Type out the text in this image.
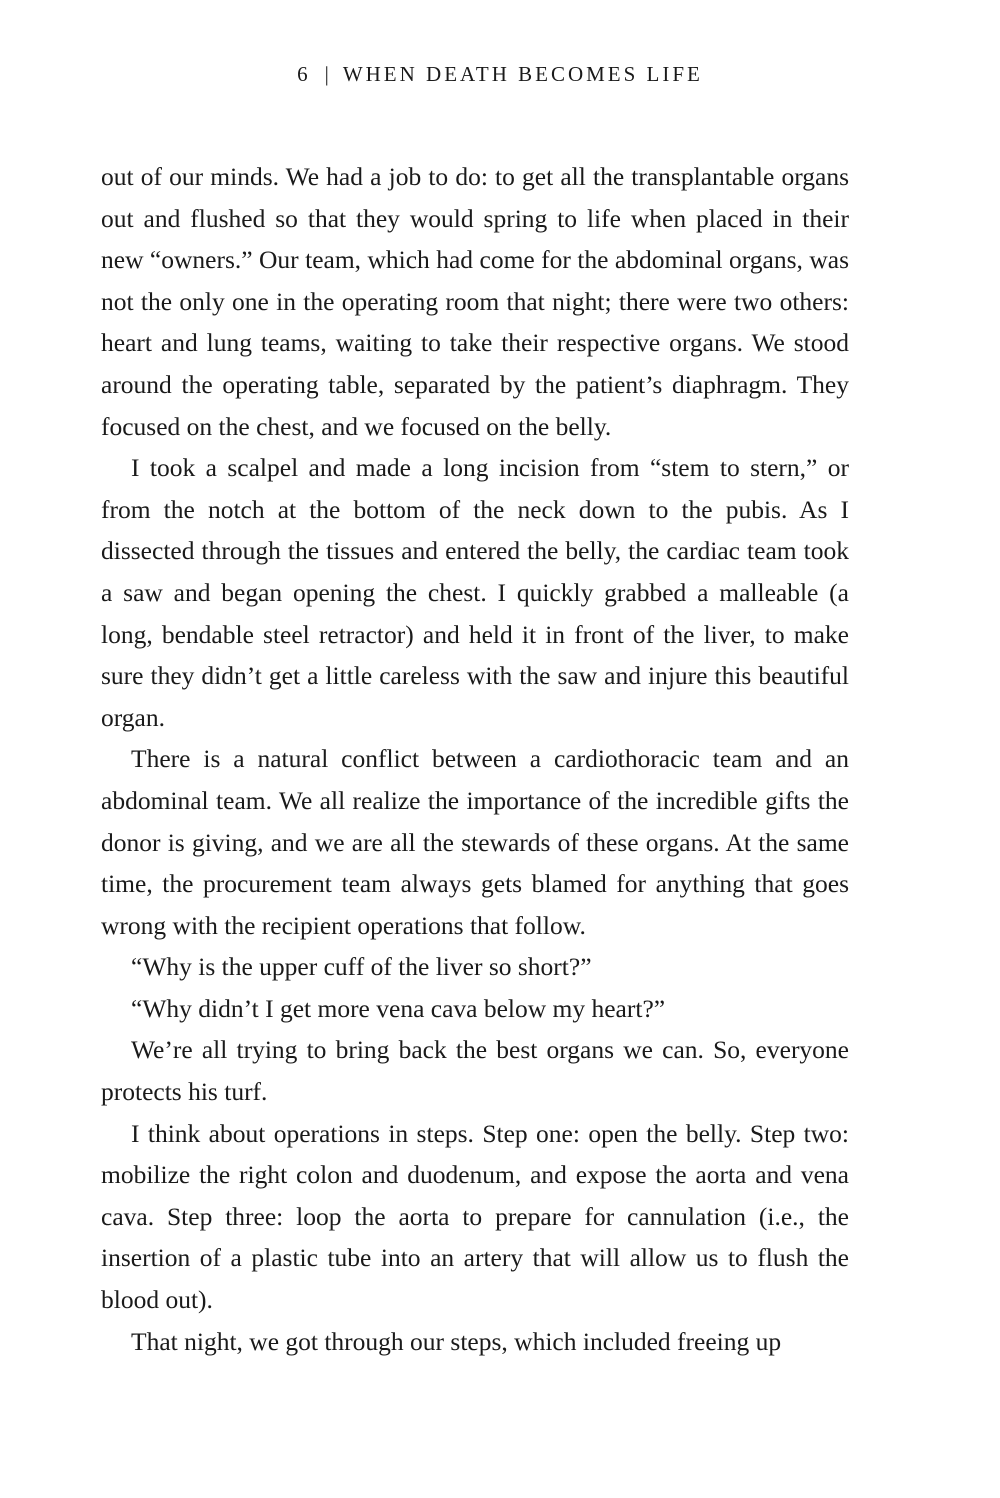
6 | WHEN DEATH BECOMES LIFE

out of our minds. We had a job to do: to get all the transplantable organs out and flushed so that they would spring to life when placed in their new “owners.” Our team, which had come for the abdominal organs, was not the only one in the operating room that night; there were two others: heart and lung teams, waiting to take their respective organs. We stood around the operating table, separated by the patient’s diaphragm. They focused on the chest, and we focused on the belly.

I took a scalpel and made a long incision from “stem to stern,” or from the notch at the bottom of the neck down to the pubis. As I dissected through the tissues and entered the belly, the cardiac team took a saw and began opening the chest. I quickly grabbed a malleable (a long, bendable steel retractor) and held it in front of the liver, to make sure they didn’t get a little careless with the saw and injure this beautiful organ.

There is a natural conflict between a cardiothoracic team and an abdominal team. We all realize the importance of the incredible gifts the donor is giving, and we are all the stewards of these organs. At the same time, the procurement team always gets blamed for anything that goes wrong with the recipient operations that follow.

“Why is the upper cuff of the liver so short?”

“Why didn’t I get more vena cava below my heart?”

We’re all trying to bring back the best organs we can. So, everyone protects his turf.

I think about operations in steps. Step one: open the belly. Step two: mobilize the right colon and duodenum, and expose the aorta and vena cava. Step three: loop the aorta to prepare for cannulation (i.e., the insertion of a plastic tube into an artery that will allow us to flush the blood out).

That night, we got through our steps, which included freeing up
